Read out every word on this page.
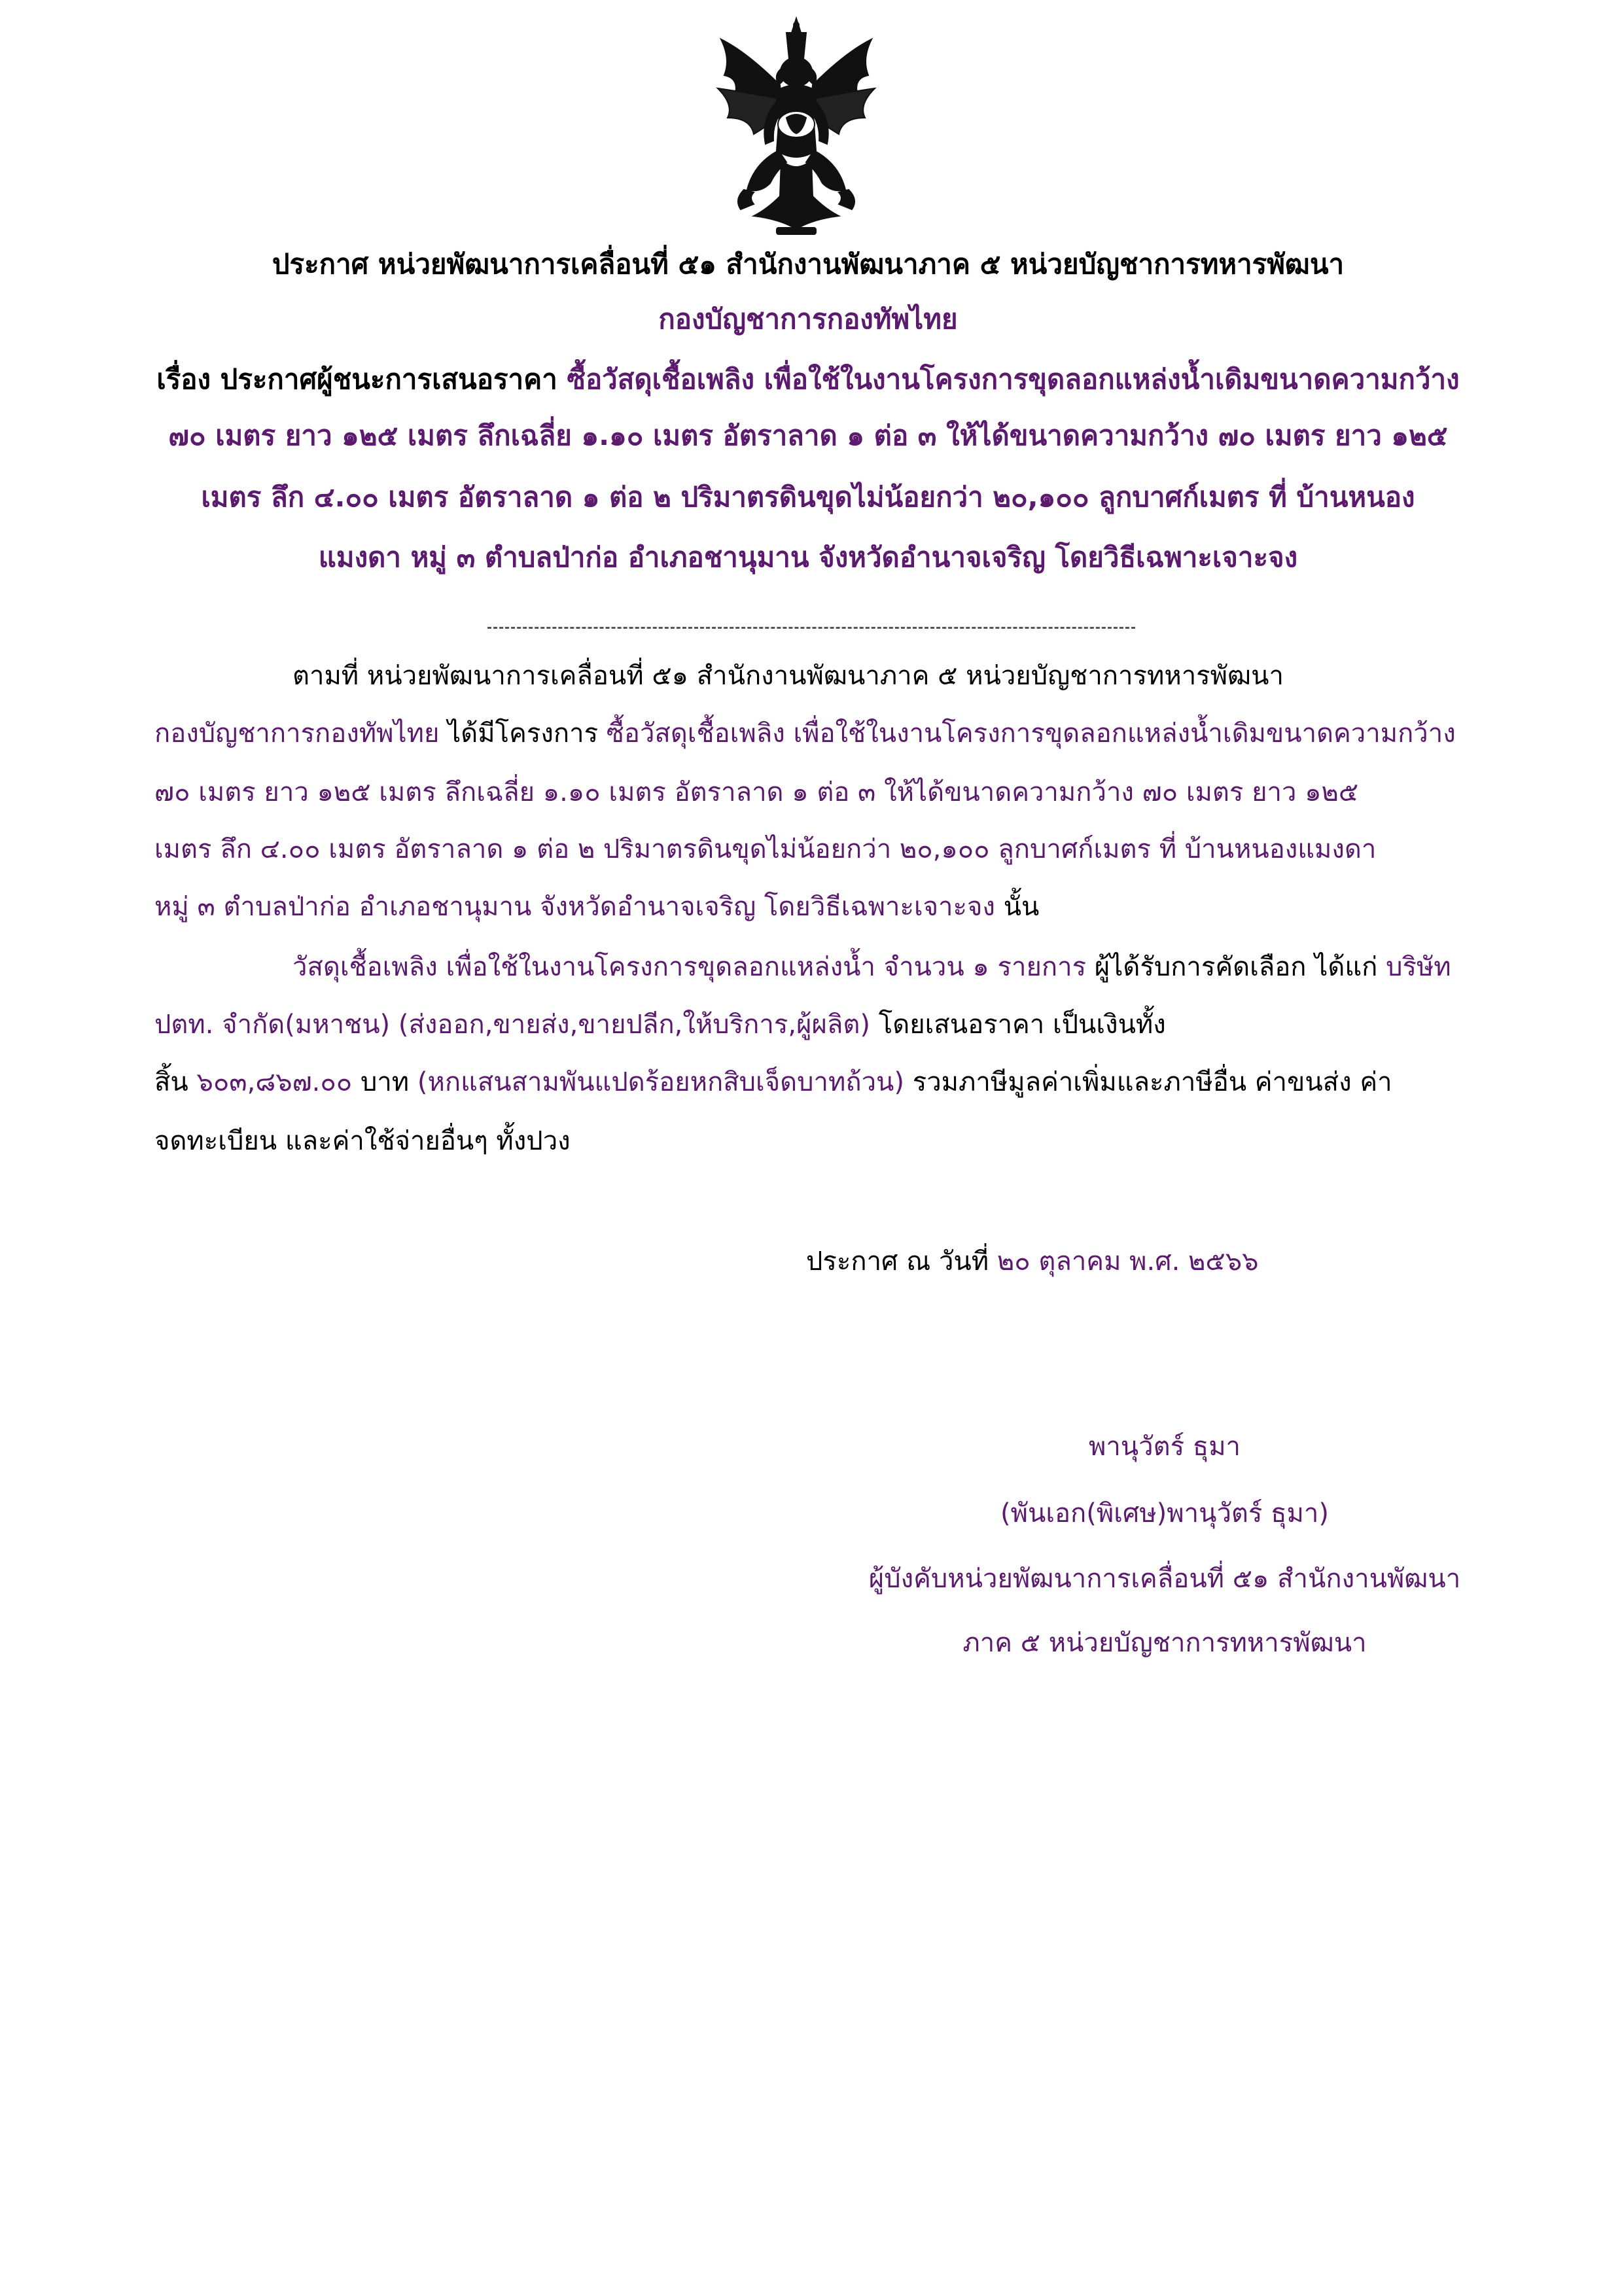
ประกาศ หน่วยพัฒนาการเคลื่อนที่ ๕๑ สำนักงานพัฒนาภาค ๕ หน่วยบัญชาการทหารพัฒนา
กองบัญชาการกองทัพไทย
เรื่อง ประกาศผู้ชนะการเสนอราคา ซื้อวัสดุเชื้อเพลิง เพื่อใช้ในงานโครงการขุดลอกแหล่งน้ำเดิมขนาดความกว้าง
๗๐ เมตร ยาว ๑๒๕ เมตร ลึกเฉลี่ย ๑.๑๐ เมตร อัตราลาด ๑ ต่อ ๓ ให้ได้ขนาดความกว้าง ๗๐ เมตร ยาว ๑๒๕
เมตร ลึก ๔.๐๐ เมตร อัตราลาด ๑ ต่อ ๒ ปริมาตรดินขุดไม่น้อยกว่า ๒๐,๑๐๐ ลูกบาศก์เมตร ที่ บ้านหนอง
แมงดา หมู่ ๓ ตำบลป่าก่อ อำเภอชานุมาน จังหวัดอำนาจเจริญ โดยวิธีเฉพาะเจาะจง
ตามที่ หน่วยพัฒนาการเคลื่อนที่ ๕๑ สำนักงานพัฒนาภาค ๕ หน่วยบัญชาการทหารพัฒนา
กองบัญชาการกองทัพไทย ได้มีโครงการ ซื้อวัสดุเชื้อเพลิง เพื่อใช้ในงานโครงการขุดลอกแหล่งน้ำเดิมขนาดความกว้าง
๗๐ เมตร ยาว ๑๒๕ เมตร ลึกเฉลี่ย ๑.๑๐ เมตร อัตราลาด ๑ ต่อ ๓ ให้ได้ขนาดความกว้าง ๗๐ เมตร ยาว ๑๒๕
เมตร ลึก ๔.๐๐ เมตร อัตราลาด ๑ ต่อ ๒ ปริมาตรดินขุดไม่น้อยกว่า ๒๐,๑๐๐ ลูกบาศก์เมตร ที่ บ้านหนองแมงดา
หมู่ ๓ ตำบลป่าก่อ อำเภอชานุมาน จังหวัดอำนาจเจริญ โดยวิธีเฉพาะเจาะจง นั้น
วัสดุเชื้อเพลิง เพื่อใช้ในงานโครงการขุดลอกแหล่งน้ำ จำนวน ๑ รายการ ผู้ได้รับการคัดเลือก ได้แก่ บริษัท
ปตท. จำกัด(มหาชน) (ส่งออก,ขายส่ง,ขายปลีก,ให้บริการ,ผู้ผลิต) โดยเสนอราคา เป็นเงินทั้ง
สิ้น ๖๐๓,๘๖๗.๐๐ บาท (หกแสนสามพันแปดร้อยหกสิบเจ็ดบาทถ้วน) รวมภาษีมูลค่าเพิ่มและภาษีอื่น ค่าขนส่ง ค่า
จดทะเบียน และค่าใช้จ่ายอื่นๆ ทั้งปวง
ประกาศ ณ วันที่ ๒๐ ตุลาคม พ.ศ. ๒๕๖๖
พานุวัตร์ ธุมา
(พันเอก(พิเศษ)พานุวัตร์ ธุมา)
ผู้บังคับหน่วยพัฒนาการเคลื่อนที่ ๕๑ สำนักงานพัฒนา
ภาค ๕ หน่วยบัญชาการทหารพัฒนา
